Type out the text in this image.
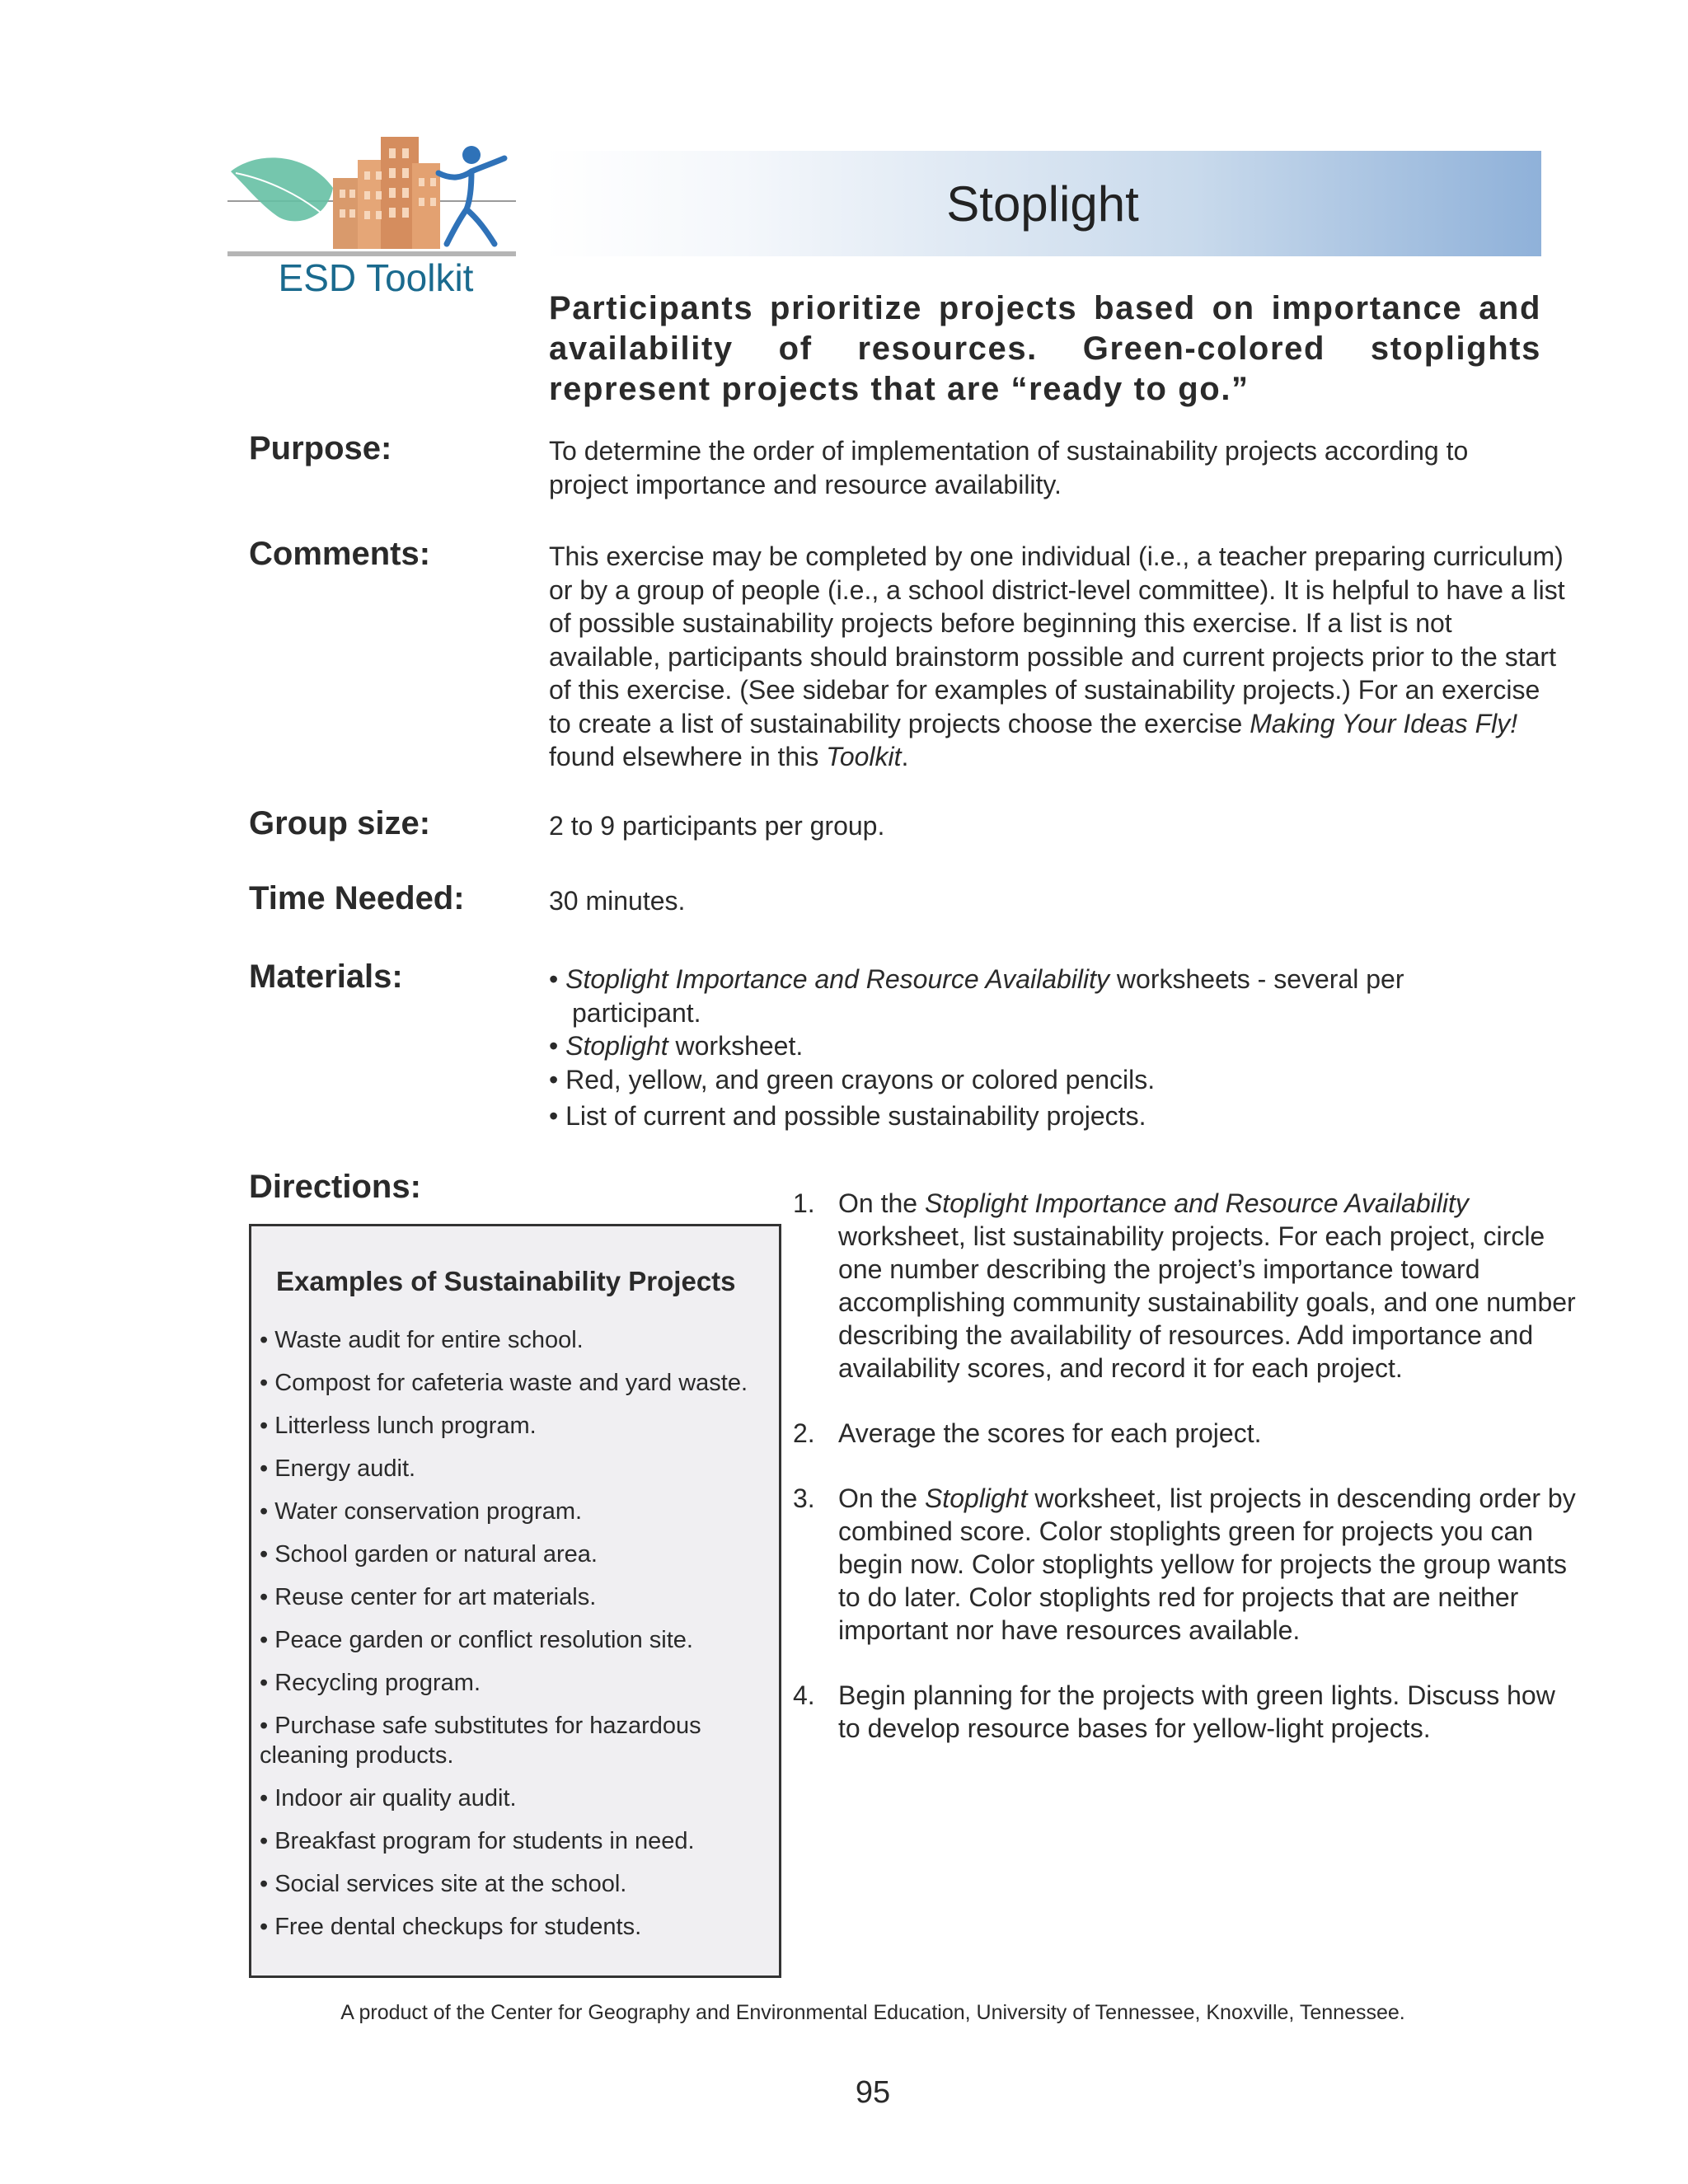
ESD Toolkit
Stoplight
Participants prioritize projects based on importance and availability of resources. Green-colored stoplights represent projects that are “ready to go.”
Purpose:	To determine the order of implementation of sustainability projects according to project importance and resource availability.
Comments:	This exercise may be completed by one individual (i.e., a teacher preparing curriculum) or by a group of people (i.e., a school district-level committee). It is helpful to have a list of possible sustainability projects before beginning this exercise. If a list is not available, participants should brainstorm possible and current projects prior to the start of this exercise. (See sidebar for examples of sustainability projects.) For an exercise to create a list of sustainability projects choose the exercise Making Your Ideas Fly! found elsewhere in this Toolkit.
Group size:	2 to 9 participants per group.
Time Needed:	30 minutes.
Materials:	• Stoplight Importance and Resource Availability worksheets - several per
participant.
• Stoplight worksheet.
• Red, yellow, and green crayons or colored pencils.
• List of current and possible sustainability projects.
Directions:
Examples of Sustainability Projects
• Waste audit for entire school.
• Compost for cafeteria waste and yard waste.
• Litterless lunch program.
• Energy audit.
• Water conservation program.
• School garden or natural area.
• Reuse center for art materials.
• Peace garden or conflict resolution site.
• Recycling program.
• Purchase safe substitutes for hazardous cleaning products.
• Indoor air quality audit.
• Breakfast program for students in need.
• Social services site at the school.
• Free dental checkups for students.
1. On the Stoplight Importance and Resource Availability worksheet, list sustainability projects. For each project, circle one number describing the project’s importance toward accomplishing community sustainability goals, and one number describing the availability of resources. Add importance and availability scores, and record it for each project.
2. Average the scores for each project.
3. On the Stoplight worksheet, list projects in descending order by combined score. Color stoplights green for projects you can begin now. Color stoplights yellow for projects the group wants to do later. Color stoplights red for projects that are neither important nor have resources available.
4. Begin planning for the projects with green lights. Discuss how to develop resource bases for yellow-light projects.
A product of the Center for Geography and Environmental Education, University of Tennessee, Knoxville, Tennessee.
95
